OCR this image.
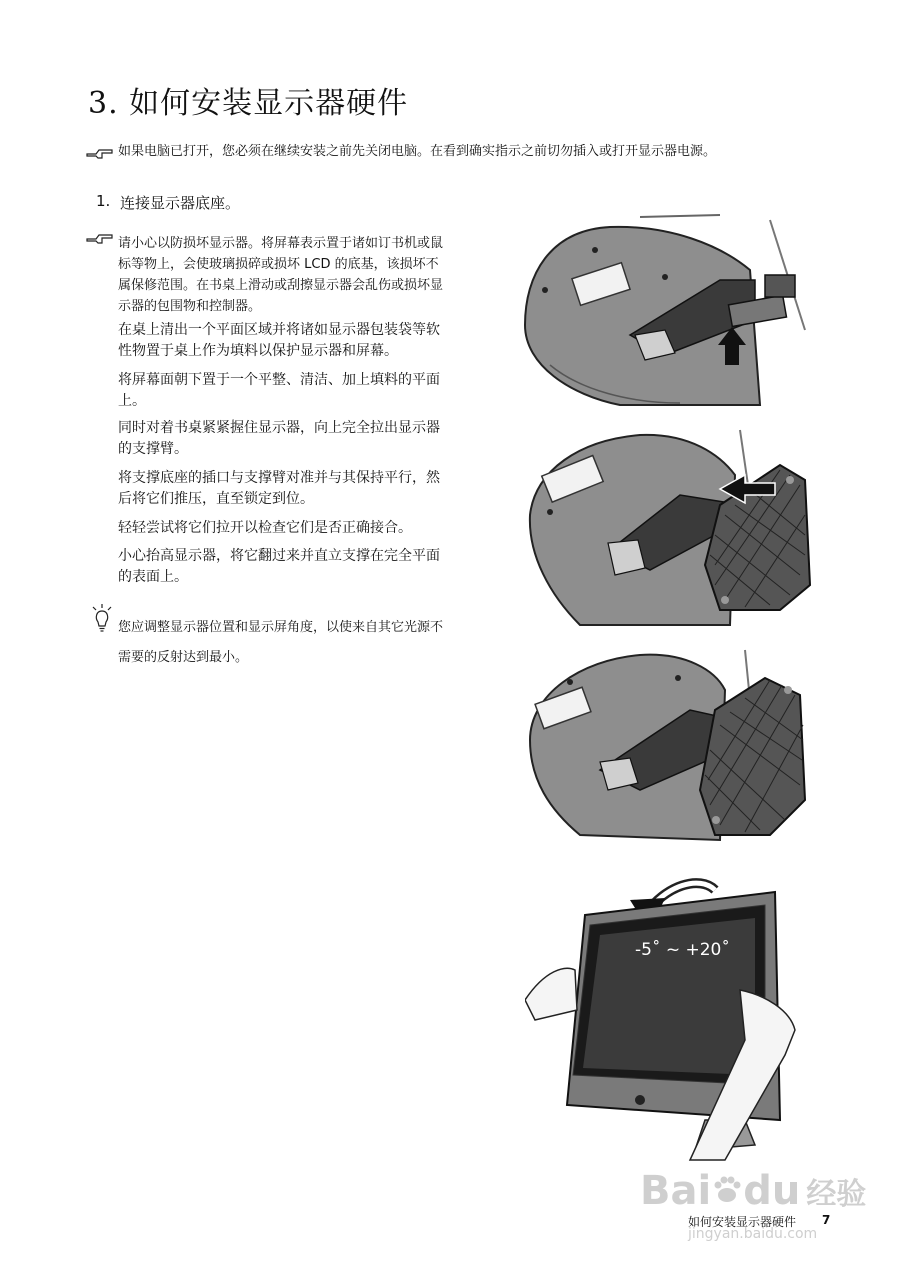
3. 如何安装显示器硬件
如果电脑已打开，您必须在继续安装之前先关闭电脑。在看到确实指示之前切勿插入或打开显示器电源。
1. 连接显示器底座。
请小心以防损坏显示器。将屏幕表示置于诸如订书机或鼠
标等物上，会使玻璃损碎或损坏 LCD 的底基，该损坏不
属保修范围。在书桌上滑动或刮擦显示器会乱伤或损坏显
示器的包围物和控制器。
在桌上清出一个平面区域并将诸如显示器包装袋等软
性物置于桌上作为填料以保护显示器和屏幕。
将屏幕面朝下置于一个平整、清洁、加上填料的平面
上。
同时对着书桌紧紧握住显示器，向上完全拉出显示器
的支撑臂。
将支撑底座的插口与支撑臂对准并与其保持平行，然
后将它们推压，直至锁定到位。
轻轻尝试将它们拉开以检查它们是否正确接合。
小心抬高显示器，将它翻过来并直立支撑在完全平面
的表面上。
您应调整显示器位置和显示屏角度，以使来自其它光源不
需要的反射达到最小。
-5˚ ~ +20˚
Bai du 经验
jingyan.baidu.com
如何安装显示器硬件 7
